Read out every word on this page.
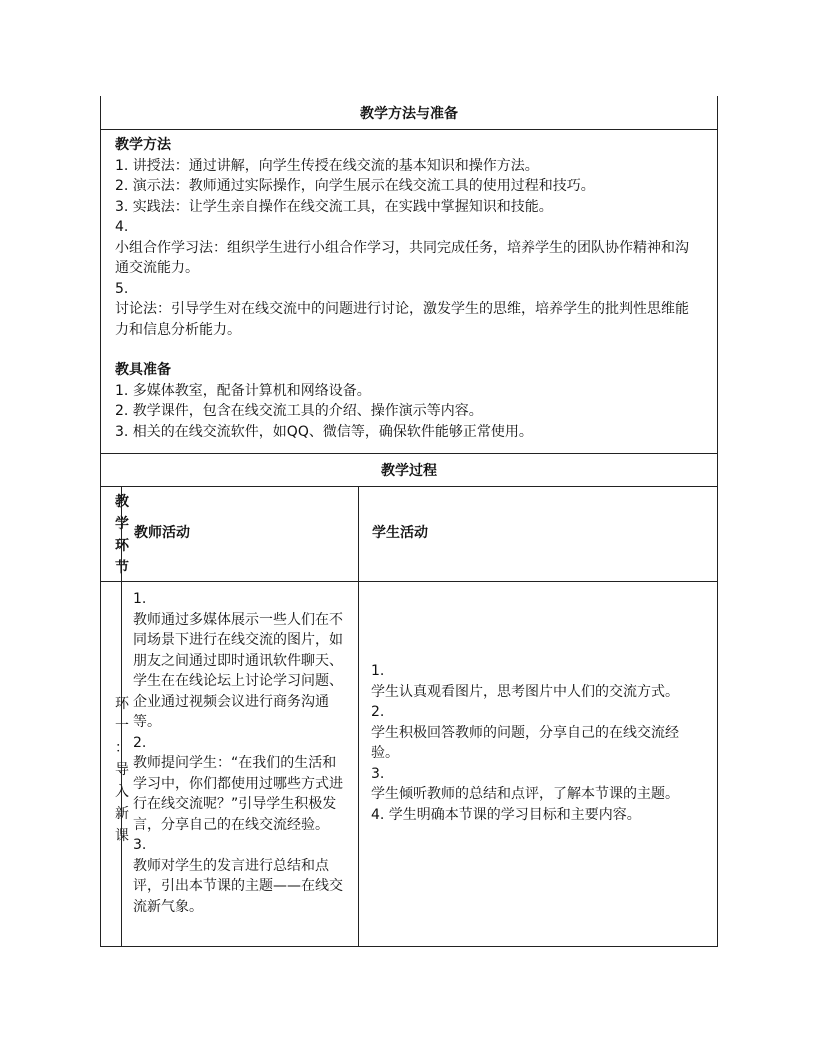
教学方法与准备

教学方法

1. 讲授法：通过讲解，向学生传授在线交流的基本知识和操作方法。

2. 演示法：教师通过实际操作，向学生展示在线交流工具的使用过程和技巧。

3. 实践法：让学生亲自操作在线交流工具，在实践中掌握知识和技能。

4.

小组合作学习法：组织学生进行小组合作学习，共同完成任务，培养学生的团队协作精神和沟通交流能力。

5.

讨论法：引导学生对在线交流中的问题进行讨论，激发学生的思维，培养学生的批判性思维能力和信息分析能力。

教具准备

1. 多媒体教室，配备计算机和网络设备。

2. 教学课件，包含在线交流工具的介绍、操作演示等内容。

3. 相关的在线交流软件，如QQ、微信等，确保软件能够正常使用。

教学过程
教
学
环
节
环
一
：
导
入
新
课
教师活动	学生活动

1.

教师通过多媒体展示一些人们在不同场景下进行在线交流的图片，如朋友之间通过即时通讯软件聊天、学生在在线论坛上讨论学习问题、企业通过视频会议进行商务沟通等。

2.

教师提问学生：“在我们的生活和学习中，你们都使用过哪些方式进行在线交流呢？”引导学生积极发言，分享自己的在线交流经验。

3.

教师对学生的发言进行总结和点评，引出本节课的主题——在线交流新气象。

1.

学生认真观看图片，思考图片中人们的交流方式。

2.

学生积极回答教师的问题，分享自己的在线交流经验。

3.

学生倾听教师的总结和点评，了解本节课的主题。

4. 学生明确本节课的学习目标和主要内容。
